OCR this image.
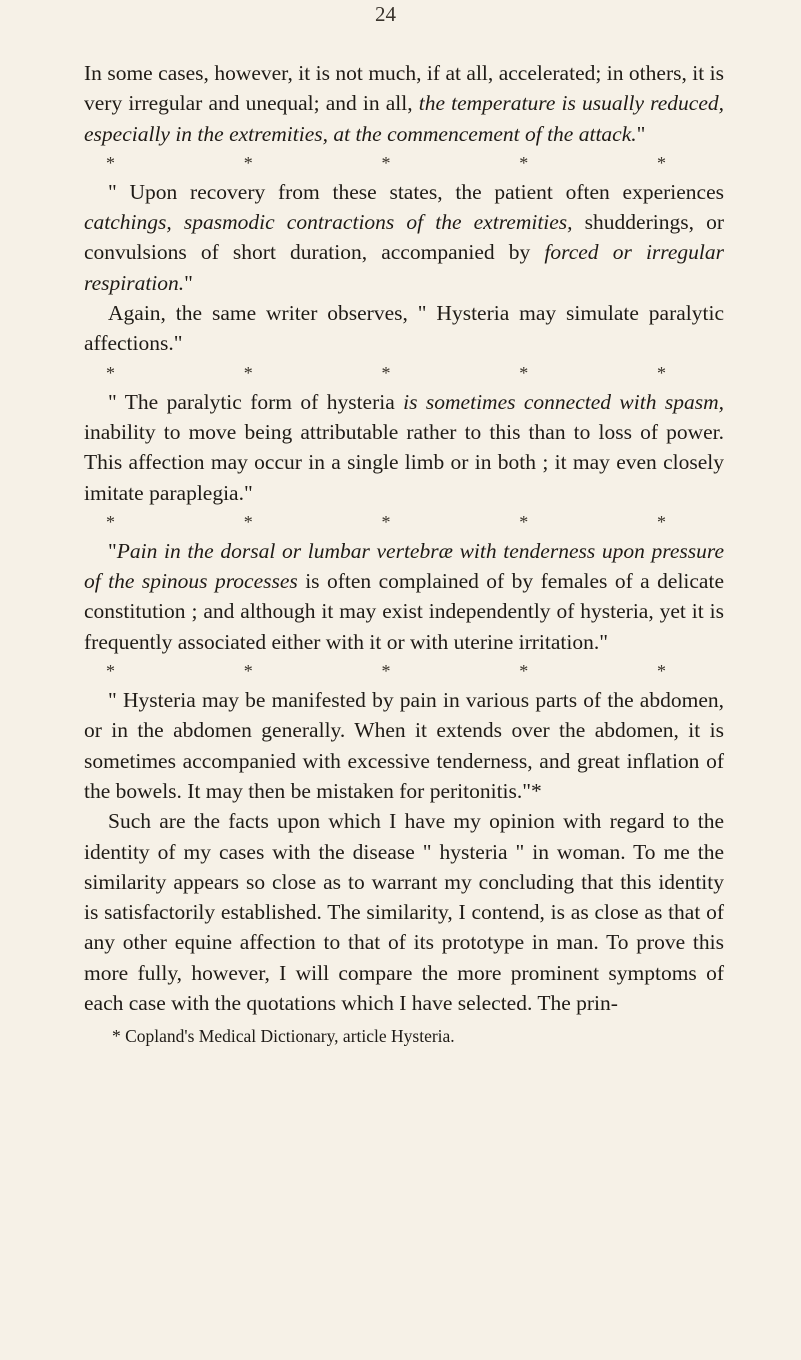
24

In some cases, however, it is not much, if at all, accelerated; in others, it is very irregular and unequal; and in all, the temperature is usually reduced, especially in the extremities, at the commencement of the attack."

*	*	*	*	*

" Upon recovery from these states, the patient often experiences catchings, spasmodic contractions of the extremities, shudderings, or convulsions of short duration, accompanied by forced or irregular respiration."

Again, the same writer observes, " Hysteria may simulate paralytic affections."

*	*	*	*	*

" The paralytic form of hysteria is sometimes connected with spasm, inability to move being attributable rather to this than to loss of power. This affection may occur in a single limb or in both ; it may even closely imitate paraplegia."

*	*	*	*	*

"Pain in the dorsal or lumbar vertebræ with tenderness upon pressure of the spinous processes is often complained of by females of a delicate constitution ; and although it may exist independently of hysteria, yet it is frequently associated either with it or with uterine irritation."

*	*	*	*	*

" Hysteria may be manifested by pain in various parts of the abdomen, or in the abdomen generally. When it extends over the abdomen, it is sometimes accompanied with excessive tenderness, and great inflation of the bowels. It may then be mistaken for peritonitis."*

Such are the facts upon which I have my opinion with regard to the identity of my cases with the disease " hysteria " in woman. To me the similarity appears so close as to warrant my concluding that this identity is satisfactorily established. The similarity, I contend, is as close as that of any other equine affection to that of its prototype in man. To prove this more fully, however, I will compare the more prominent symptoms of each case with the quotations which I have selected. The prin-

* Copland's Medical Dictionary, article Hysteria.
